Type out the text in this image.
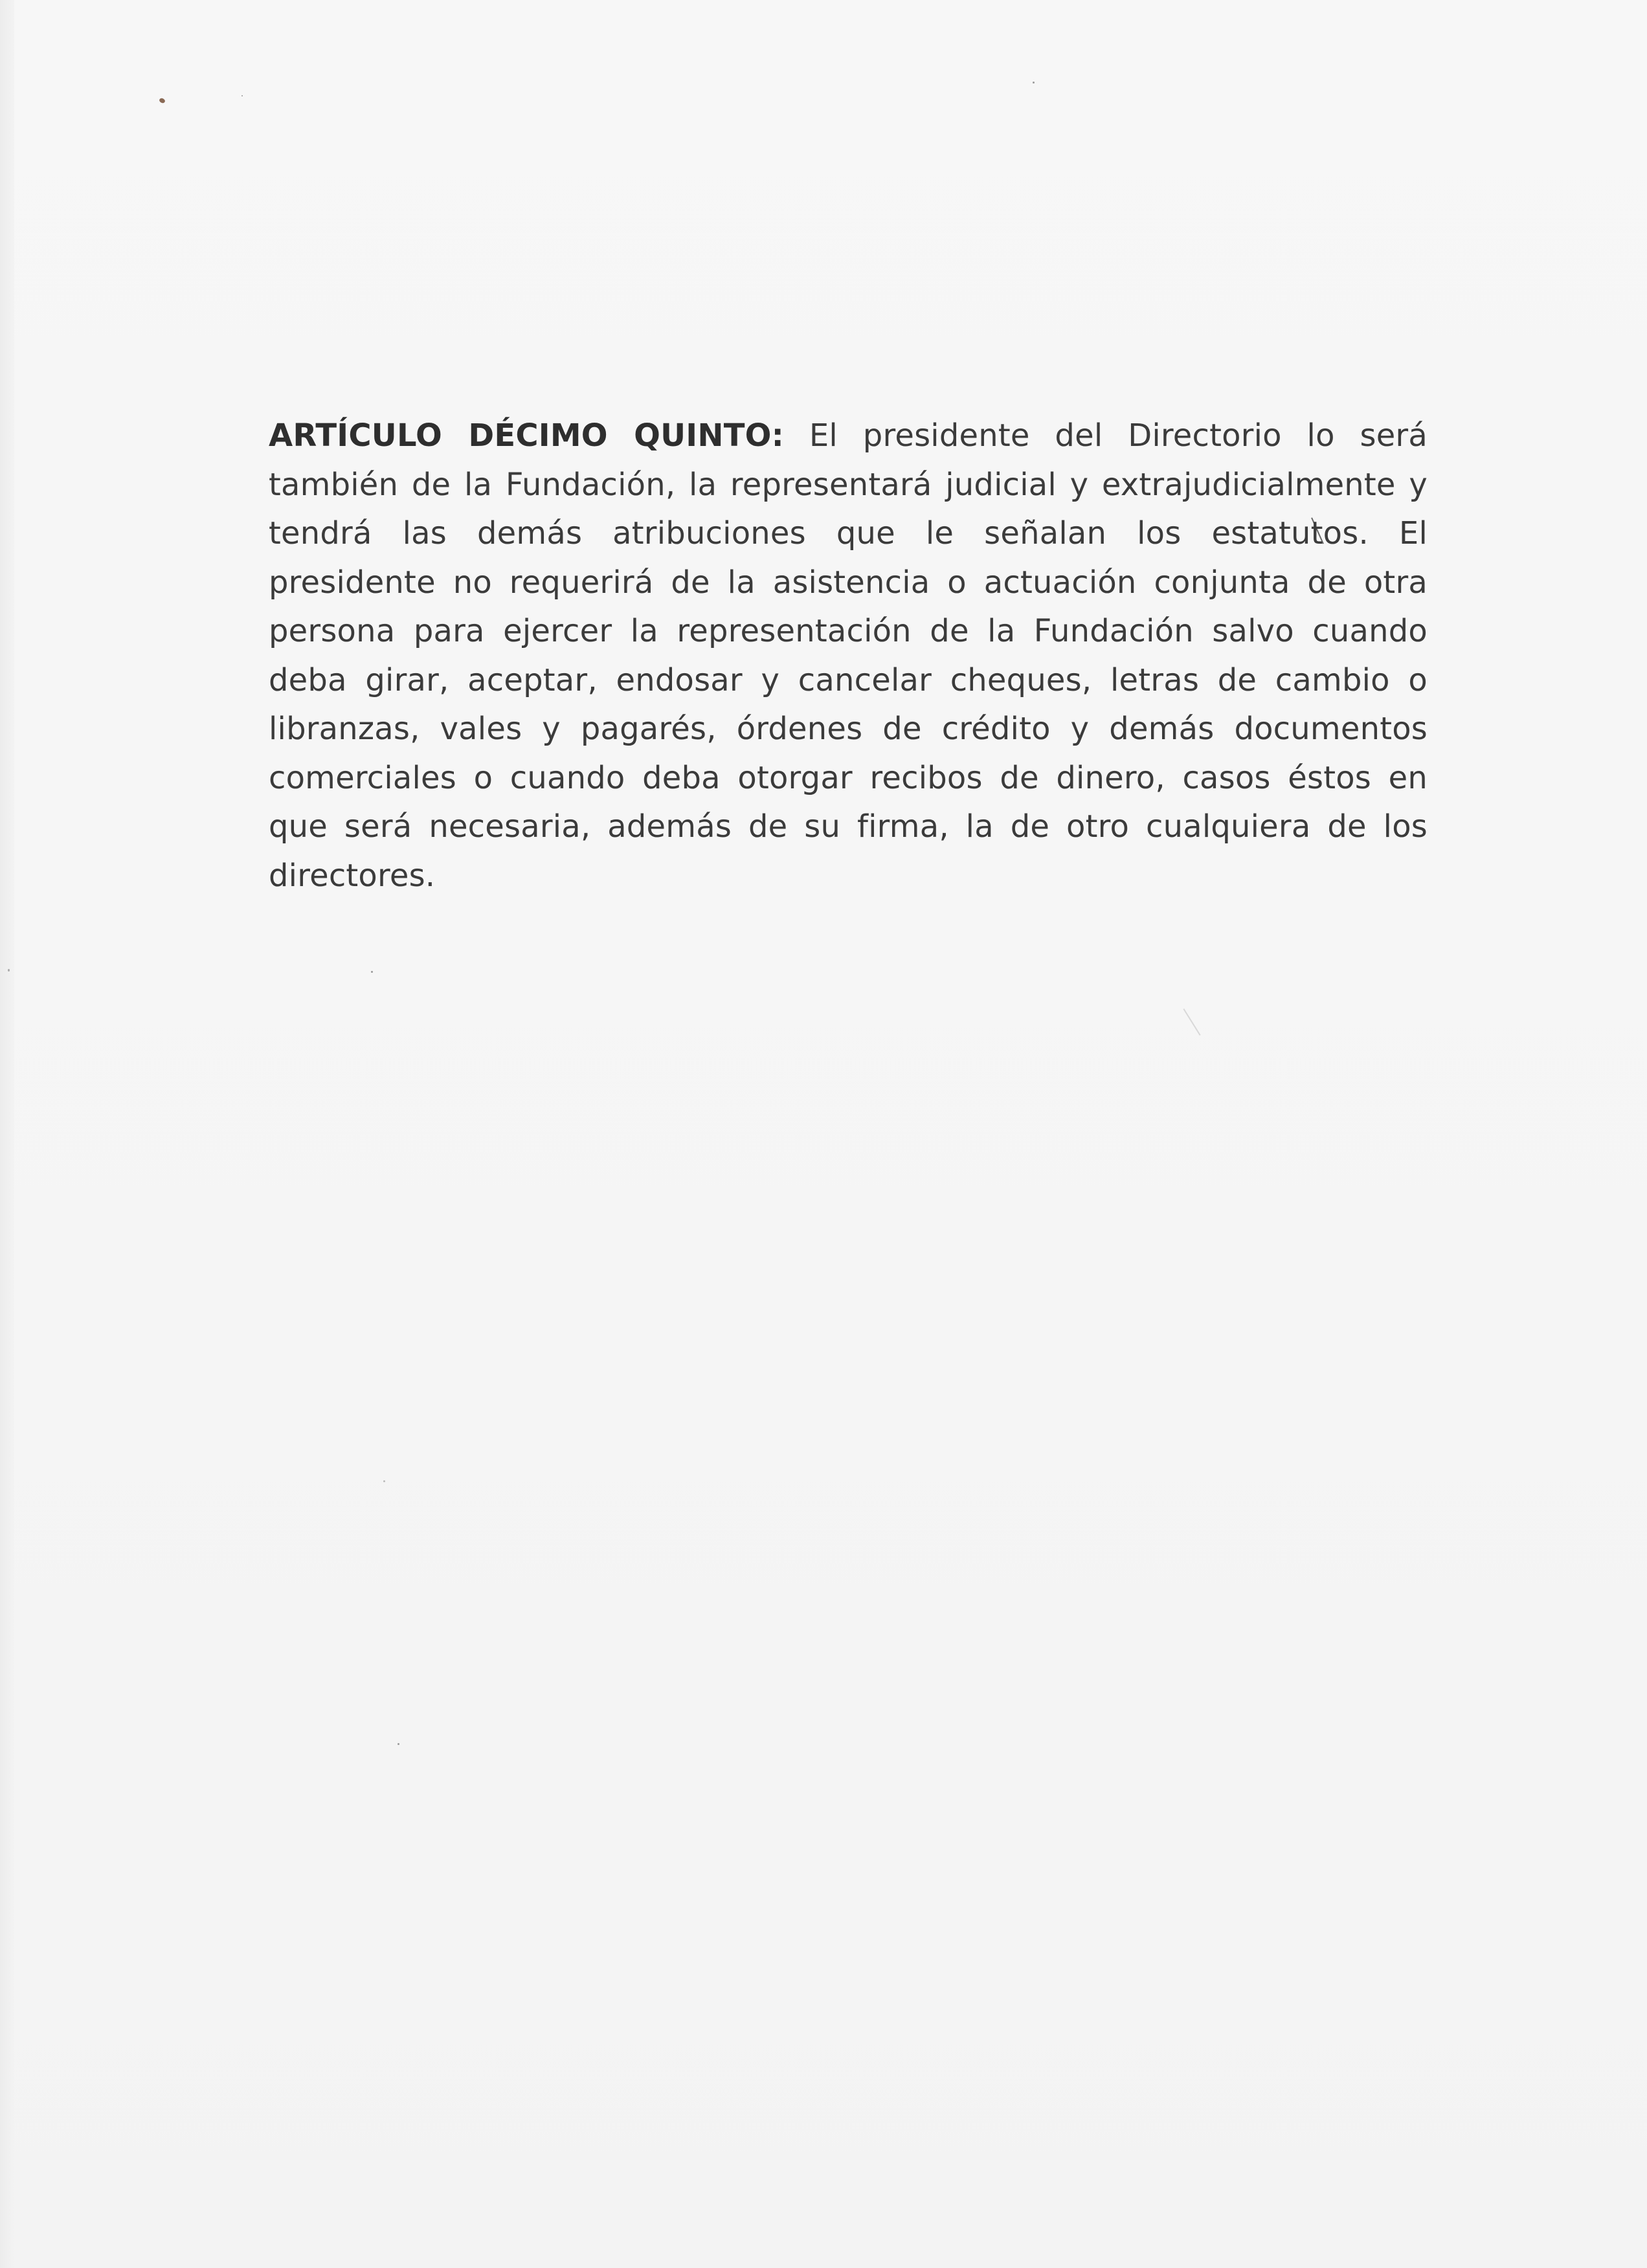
ARTÍCULO DÉCIMO QUINTO: El presidente del Directorio lo será también de la Fundación, la representará judicial y extrajudicialmente y tendrá las demás atribuciones que le señalan los estatutos. El presidente no requerirá de la asistencia o actuación conjunta de otra persona para ejercer la representación de la Fundación salvo cuando deba girar, aceptar, endosar y cancelar cheques, letras de cambio o libranzas, vales y pagarés, órdenes de crédito y demás documentos comerciales o cuando deba otorgar recibos de dinero, casos éstos en que será necesaria, además de su firma, la de otro cualquiera de los directores.
